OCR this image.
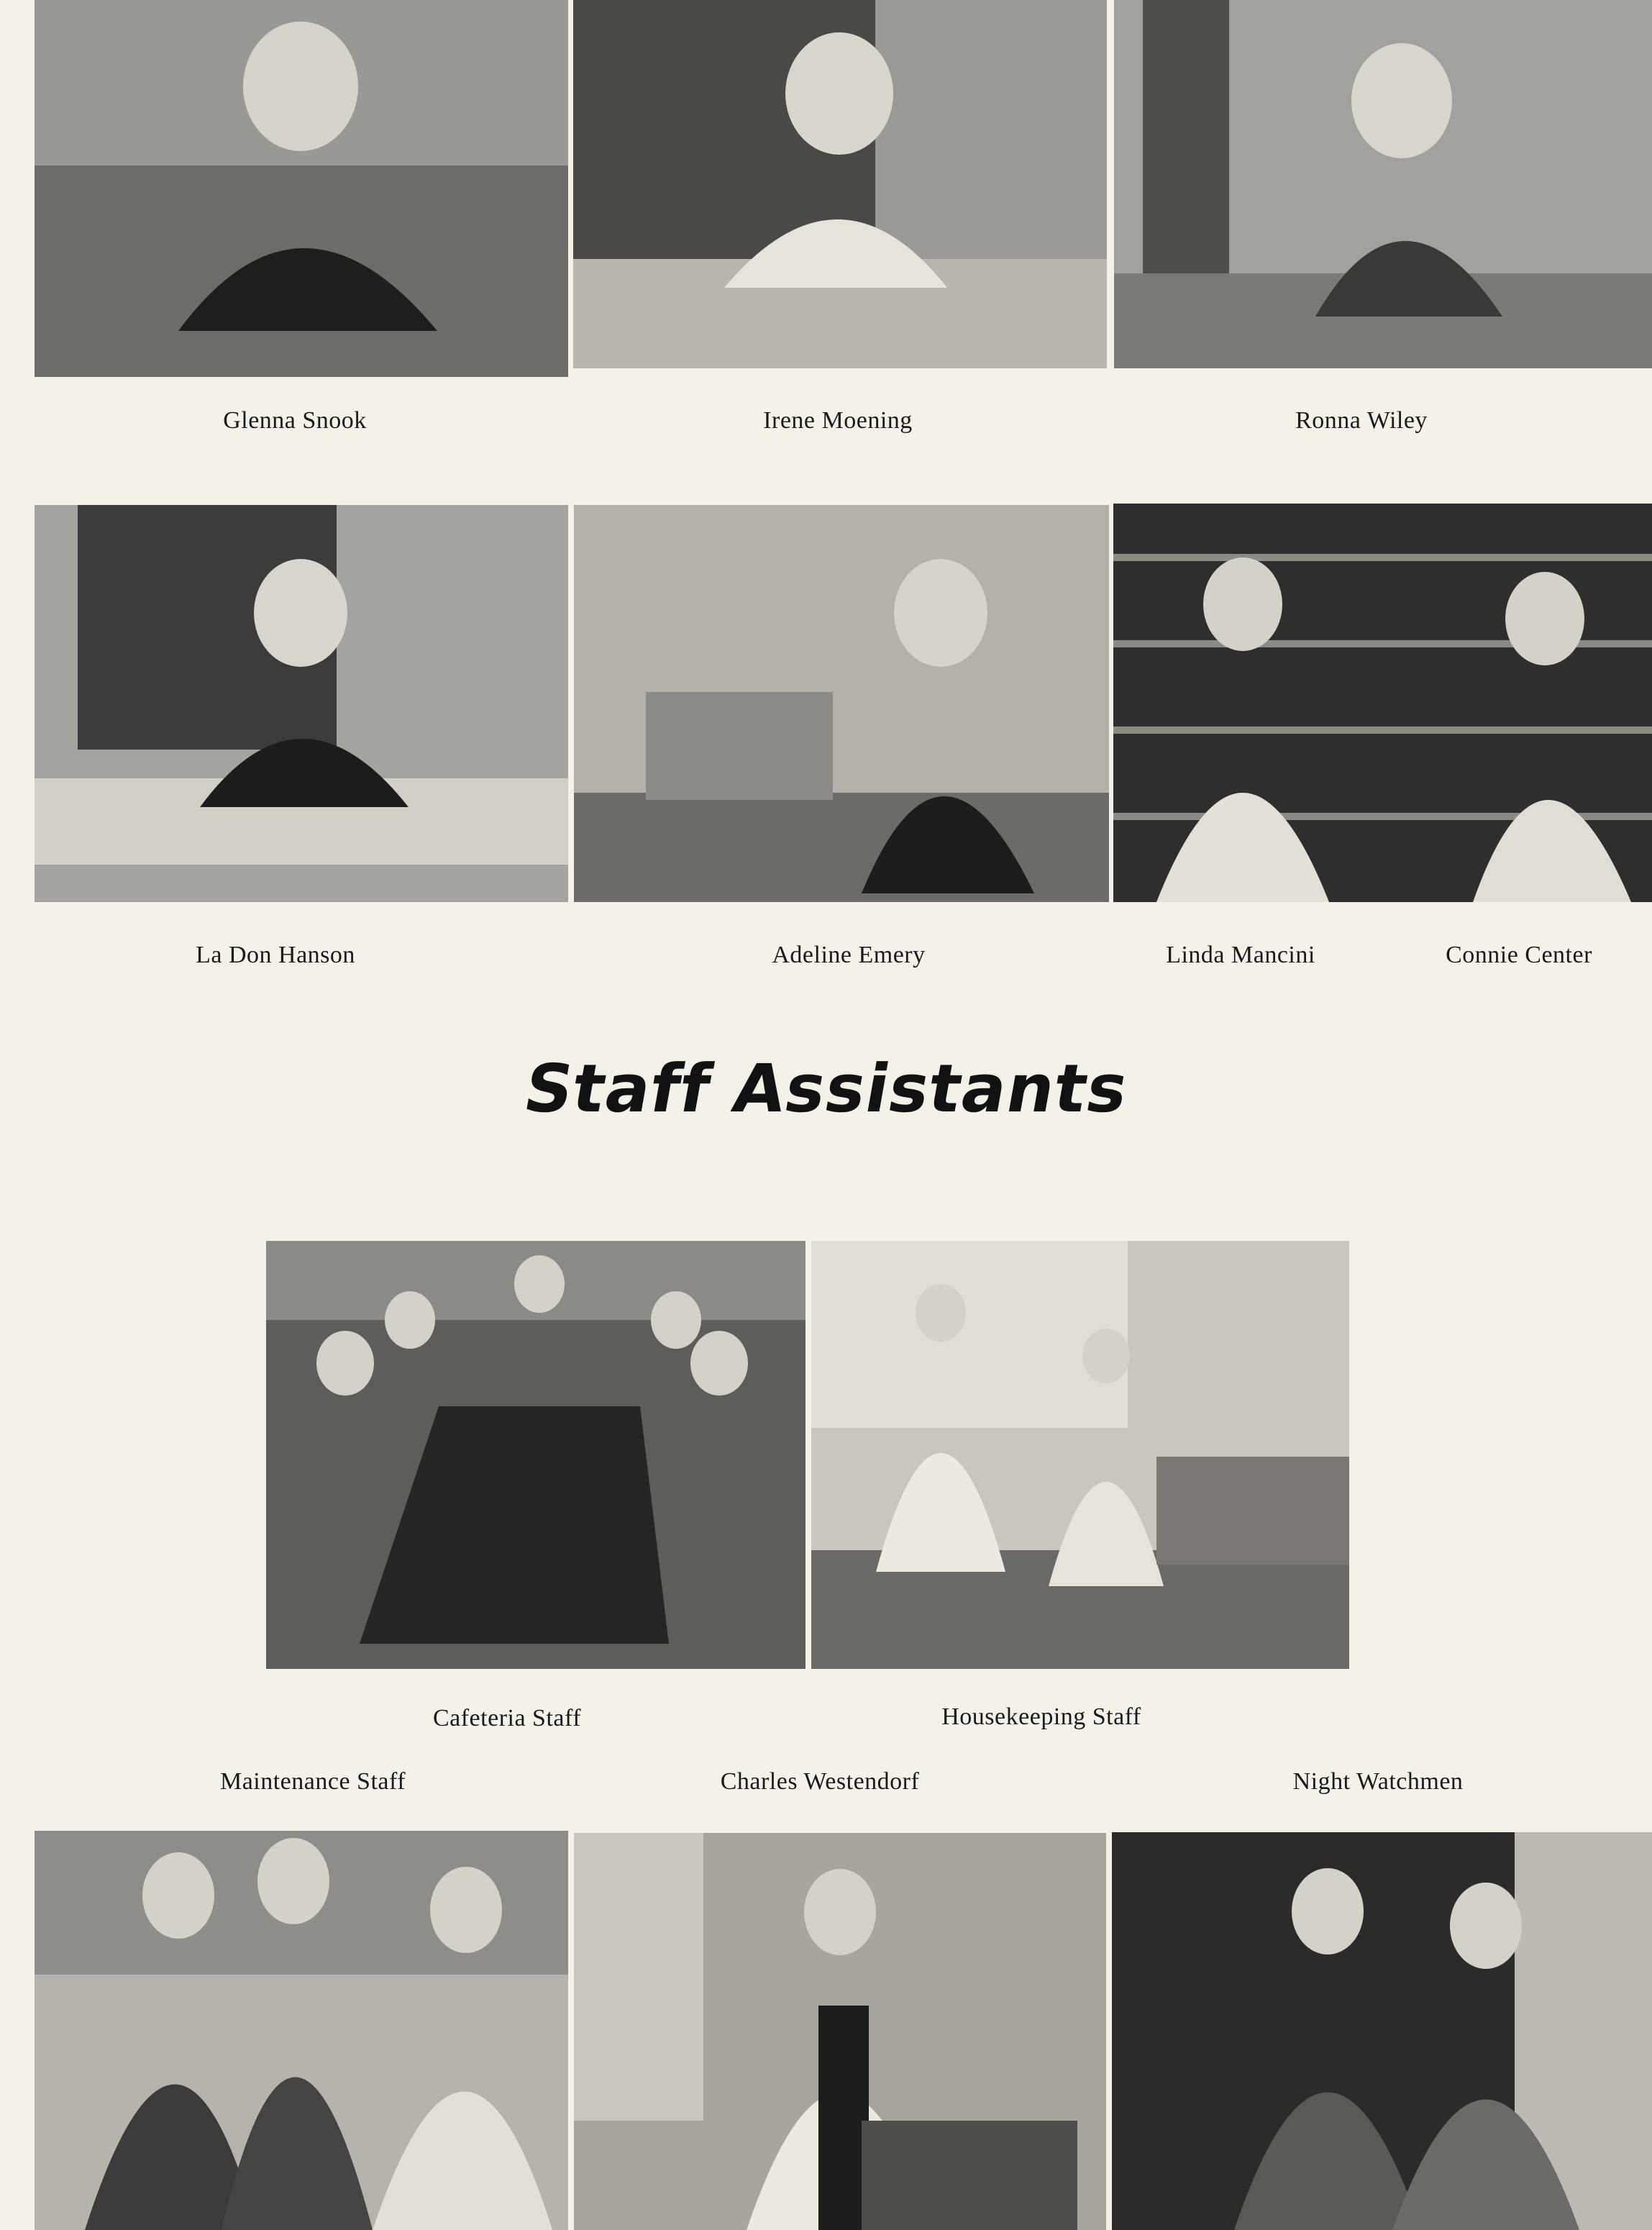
Glenna Snook	Irene Moening	Ronna Wiley
La Don Hanson	Adeline Emery	Linda Mancini	Connie Center
Staff Assistants
Cafeteria Staff	Housekeeping Staff
Maintenance Staff	Charles Westendorf	Night Watchmen
